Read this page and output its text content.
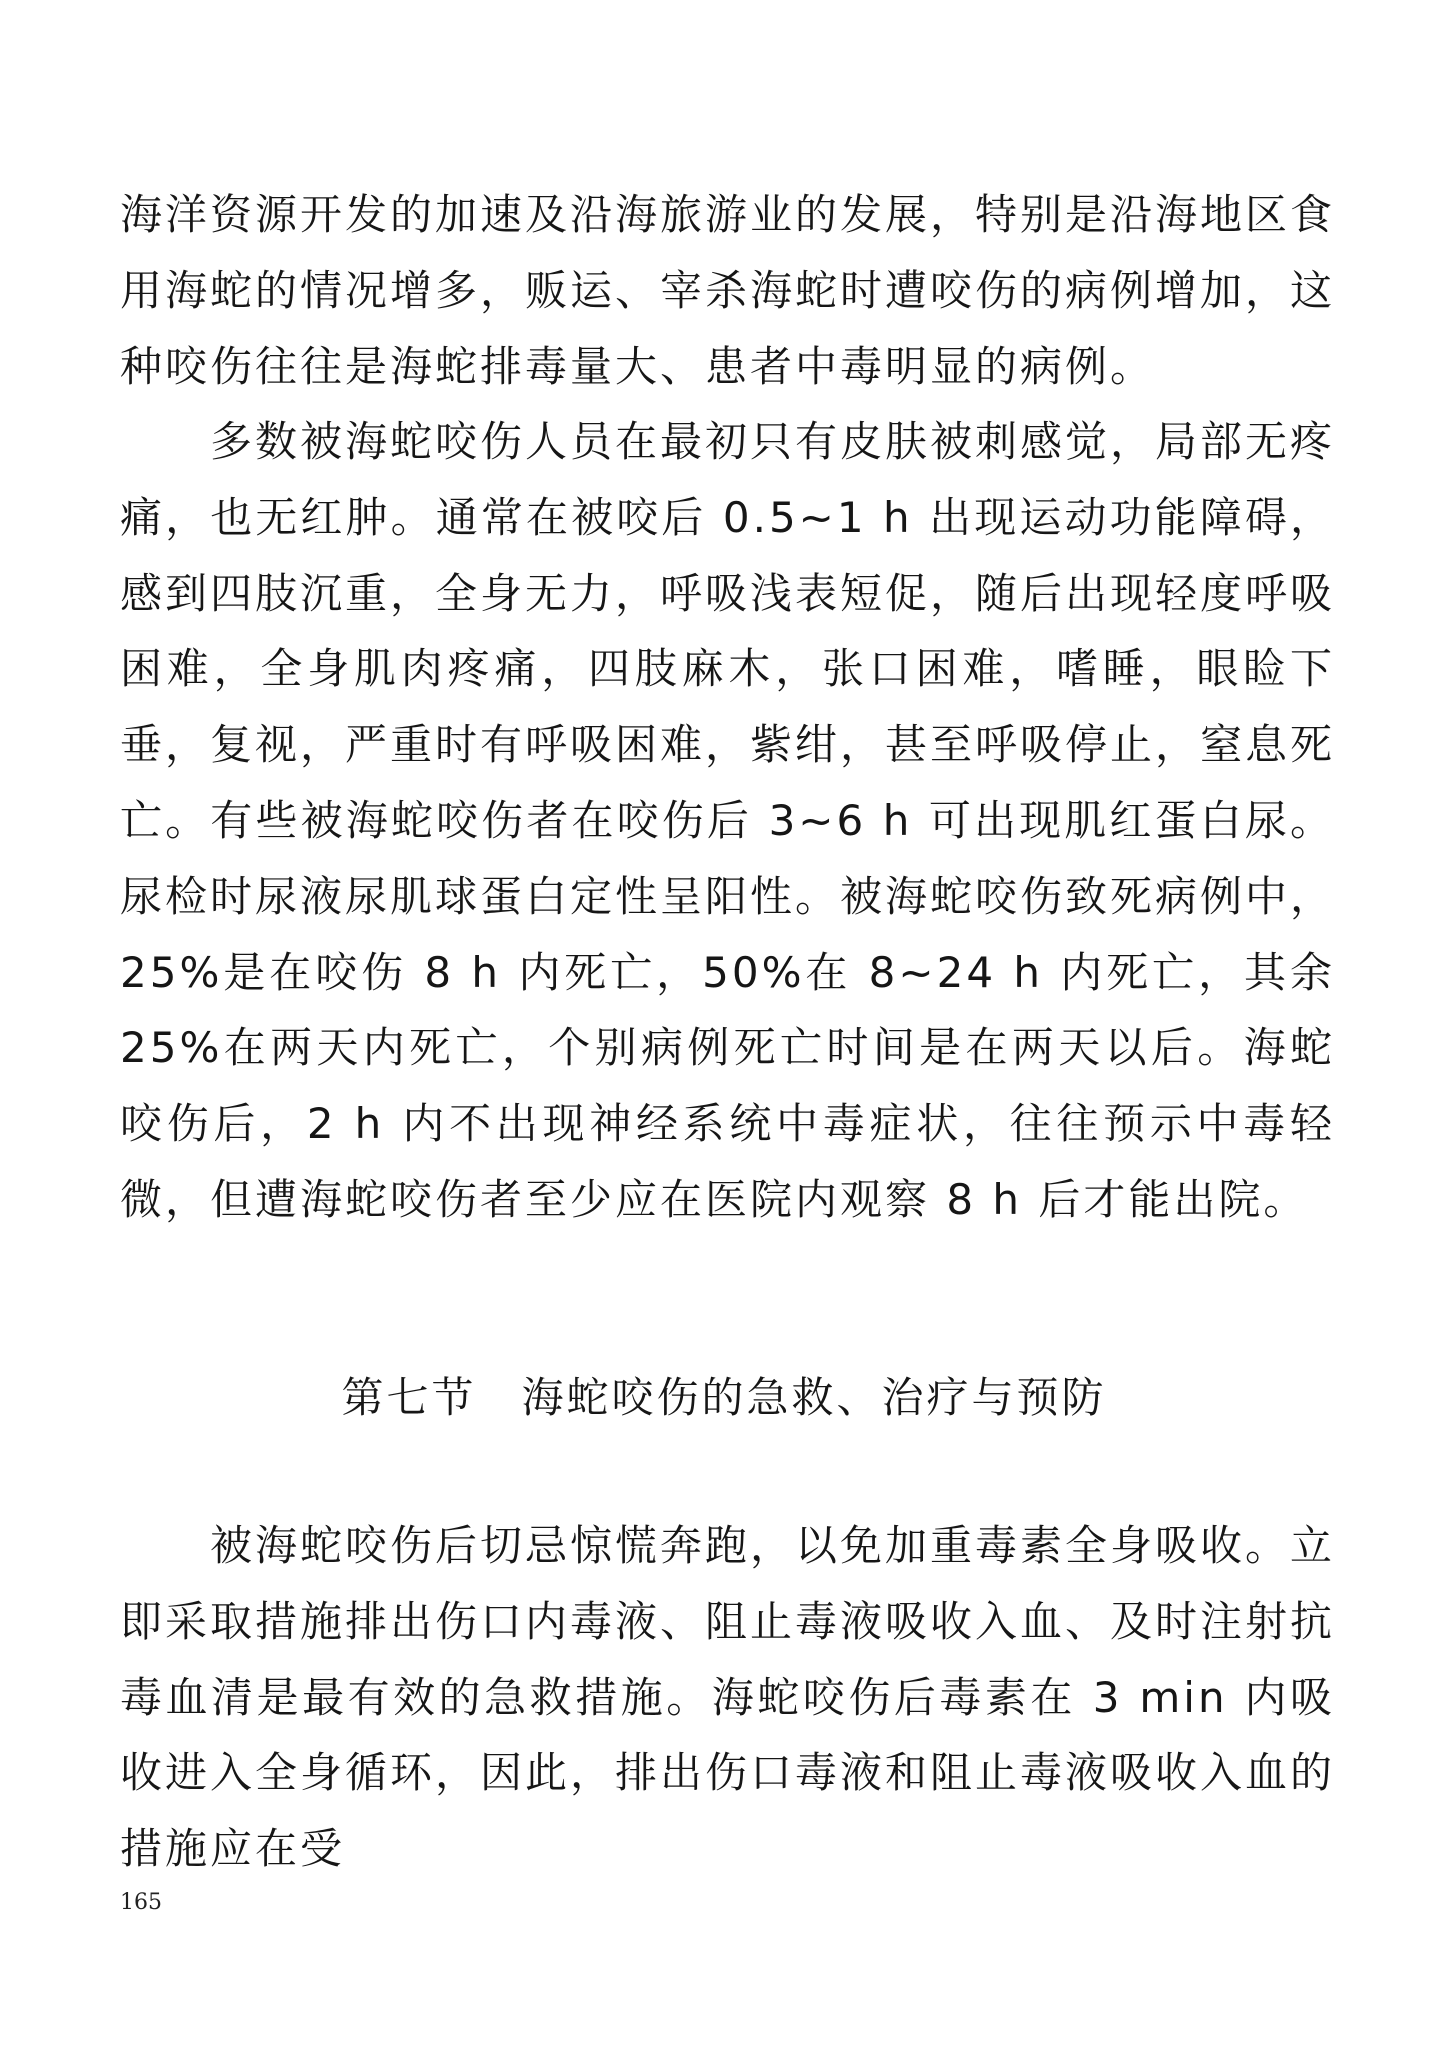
海洋资源开发的加速及沿海旅游业的发展，特别是沿海地区食用海蛇的情况增多，贩运、宰杀海蛇时遭咬伤的病例增加，这种咬伤往往是海蛇排毒量大、患者中毒明显的病例。

多数被海蛇咬伤人员在最初只有皮肤被刺感觉，局部无疼痛，也无红肿。通常在被咬后 0.5~1 h 出现运动功能障碍，感到四肢沉重，全身无力，呼吸浅表短促，随后出现轻度呼吸困难，全身肌肉疼痛，四肢麻木，张口困难，嗜睡，眼睑下垂，复视，严重时有呼吸困难，紫绀，甚至呼吸停止，窒息死亡。有些被海蛇咬伤者在咬伤后 3~6 h 可出现肌红蛋白尿。尿检时尿液尿肌球蛋白定性呈阳性。被海蛇咬伤致死病例中，25%是在咬伤 8 h 内死亡，50%在 8~24 h 内死亡，其余 25%在两天内死亡，个别病例死亡时间是在两天以后。海蛇咬伤后，2 h 内不出现神经系统中毒症状，往往预示中毒轻微，但遭海蛇咬伤者至少应在医院内观察 8 h 后才能出院。

第七节　海蛇咬伤的急救、治疗与预防

被海蛇咬伤后切忌惊慌奔跑，以免加重毒素全身吸收。立即采取措施排出伤口内毒液、阻止毒液吸收入血、及时注射抗毒血清是最有效的急救措施。海蛇咬伤后毒素在 3 min 内吸收进入全身循环，因此，排出伤口毒液和阻止毒液吸收入血的措施应在受

165
